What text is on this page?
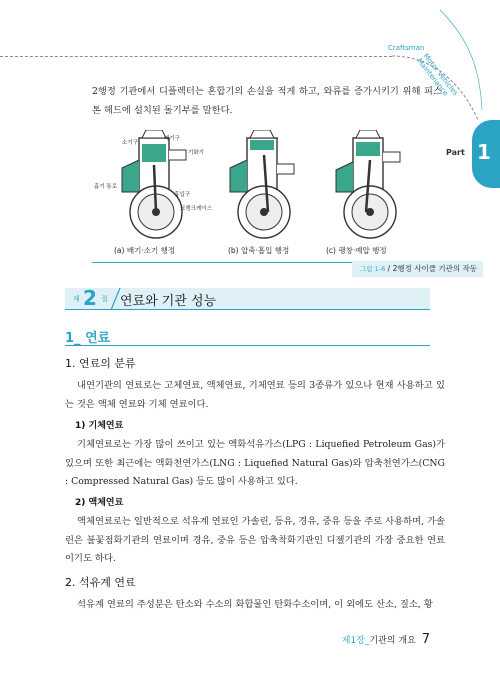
Craftsman
Motor Vehicles Maintenance
Part 1
2행정 기관에서 디플렉터는 혼합기의 손실을 적게 하고, 와류를 증가시키기 위해 피스톤 헤드에 설치된 돌기부를 말한다.
소기구
배기구
기화기
흡기 통로
흡입구
크랭크케이스
(a) 배기·소기 행정	(b) 압축·흡입 행정	(c) 팽창·예압 행정
그림 1-6 / 2행정 사이클 기관의 작동
제 2 절 연료와 기관 성능
1_ 연료
1. 연료의 분류
내연기관의 연료로는 고체연료, 액체연료, 기체연료 등의 3종류가 있으나 현재 사용하고 있는 것은 액체 연료와 기체 연료이다.
1) 기체연료
기체연료로는 가장 많이 쓰이고 있는 액화석유가스(LPG : Liquefied Petroleum Gas)가 있으며 또한 최근에는 액화천연가스(LNG : Liquefied Natural Gas)와 압축천연가스(CNG : Compressed Natural Gas) 등도 많이 사용하고 있다.
2) 액체연료
액체연료로는 일반적으로 석유계 연료인 가솔린, 등유, 경유, 중유 등을 주로 사용하며, 가솔린은 불꽃점화기관의 연료이며 경유, 중유 등은 압축착화기관인 디젤기관의 가장 중요한 연료이기도 하다.
2. 석유계 연료
석유계 연료의 주성분은 탄소와 수소의 화합물인 탄화수소이며, 이 외에도 산소, 질소, 황
제1장_기관의 개요 7
